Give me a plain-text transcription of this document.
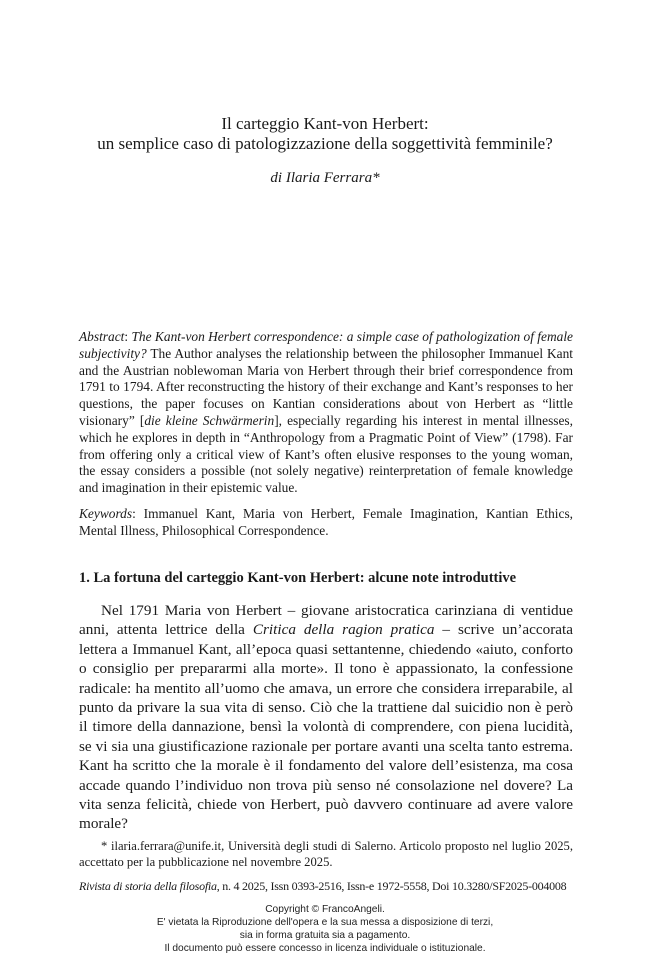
Il carteggio Kant-von Herbert:
un semplice caso di patologizzazione della soggettività femminile?
di Ilaria Ferrara*
Abstract: The Kant-von Herbert correspondence: a simple case of pathologization of female subjectivity? The Author analyses the relationship between the philosopher Immanuel Kant and the Austrian noblewoman Maria von Herbert through their brief correspondence from 1791 to 1794. After reconstructing the history of their exchange and Kant’s responses to her questions, the paper focuses on Kantian considerations about von Herbert as “little visionary” [die kleine Schwärmerin], especially regarding his interest in mental illnesses, which he explores in depth in “Anthropology from a Pragmatic Point of View” (1798). Far from offering only a critical view of Kant’s often elusive responses to the young woman, the essay considers a possible (not solely negative) reinterpretation of female knowledge and imagination in their epistemic value.
Keywords: Immanuel Kant, Maria von Herbert, Female Imagination, Kantian Ethics, Mental Illness, Philosophical Correspondence.
1. La fortuna del carteggio Kant-von Herbert: alcune note introduttive
Nel 1791 Maria von Herbert – giovane aristocratica carinziana di ventidue anni, attenta lettrice della Critica della ragion pratica – scrive un’accorata lettera a Immanuel Kant, all’epoca quasi settantenne, chiedendo «aiuto, conforto o consiglio per prepararmi alla morte». Il tono è appassionato, la confessione radicale: ha mentito all’uomo che amava, un errore che considera irreparabile, al punto da privare la sua vita di senso. Ciò che la trattiene dal suicidio non è però il timore della dannazione, bensì la volontà di comprendere, con piena lucidità, se vi sia una giustificazione razionale per portare avanti una scelta tanto estrema. Kant ha scritto che la morale è il fondamento del valore dell’esistenza, ma cosa accade quando l’individuo non trova più senso né consolazione nel dovere? La vita senza felicità, chiede von Herbert, può davvero continuare ad avere valore morale?
* ilaria.ferrara@unife.it, Università degli studi di Salerno. Articolo proposto nel luglio 2025, accettato per la pubblicazione nel novembre 2025.
Rivista di storia della filosofia, n. 4 2025, Issn 0393-2516, Issn-e 1972-5558, Doi 10.3280/SF2025-004008
Copyright © FrancoAngeli.
E' vietata la Riproduzione dell'opera e la sua messa a disposizione di terzi,
sia in forma gratuita sia a pagamento.
Il documento può essere concesso in licenza individuale o istituzionale.
